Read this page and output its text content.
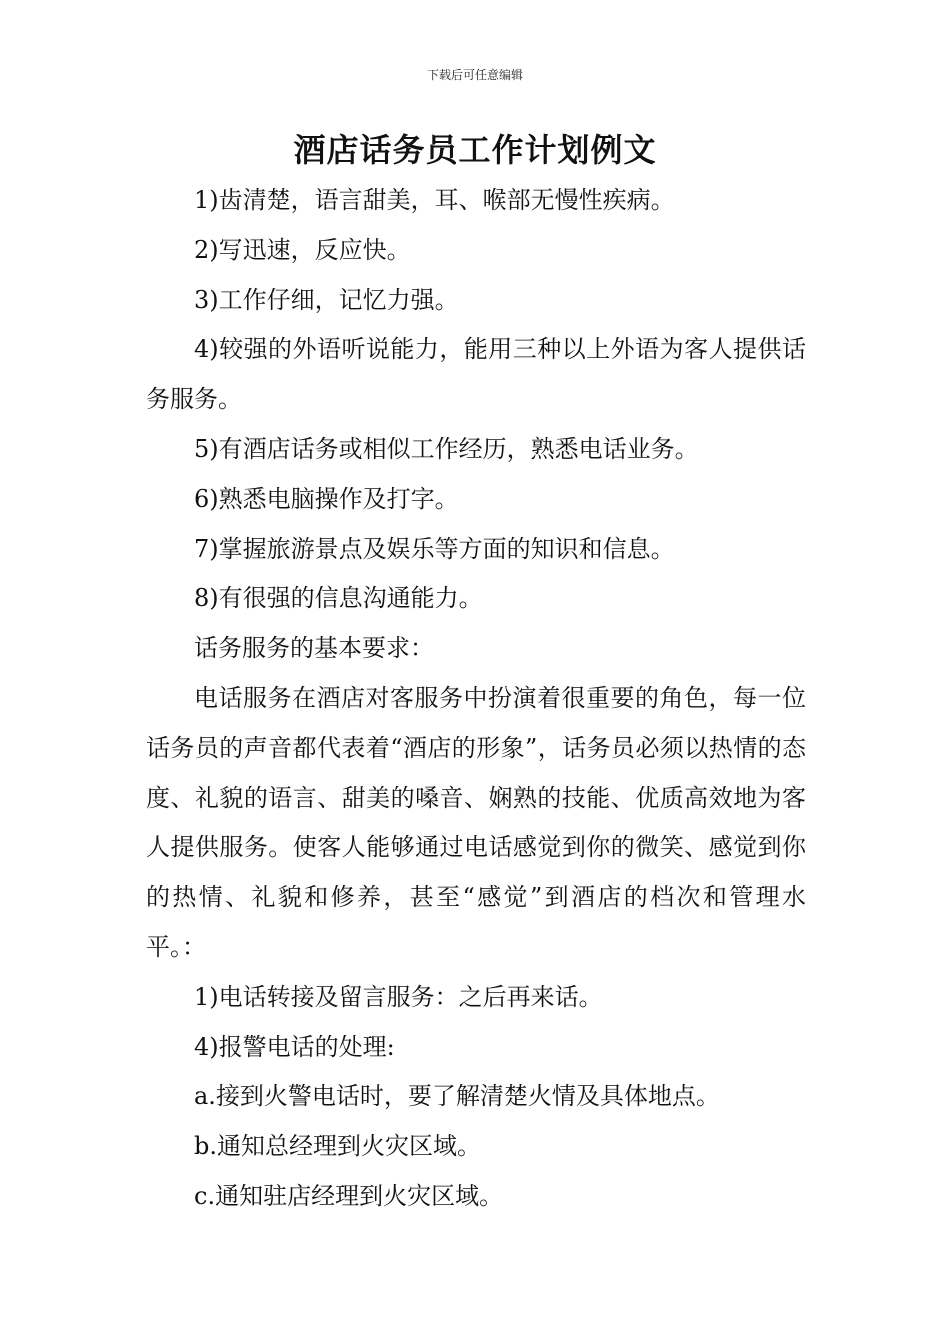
下载后可任意编辑
酒店话务员工作计划例文

1)齿清楚，语言甜美，耳、喉部无慢性疾病。

2)写迅速，反应快。

3)工作仔细，记忆力强。

4)较强的外语听说能力，能用三种以上外语为客人提供话务服务。

5)有酒店话务或相似工作经历，熟悉电话业务。

6)熟悉电脑操作及打字。

7)掌握旅游景点及娱乐等方面的知识和信息。

8)有很强的信息沟通能力。

话务服务的基本要求：

电话服务在酒店对客服务中扮演着很重要的角色，每一位话务员的声音都代表着“酒店的形象”，话务员必须以热情的态度、礼貌的语言、甜美的嗓音、娴熟的技能、优质高效地为客人提供服务。使客人能够通过电话感觉到你的微笑、感觉到你的热情、礼貌和修养，甚至“感觉”到酒店的档次和管理水平。：

1)电话转接及留言服务：之后再来话。

4)报警电话的处理:

a.接到火警电话时，要了解清楚火情及具体地点。

b.通知总经理到火灾区域。

c.通知驻店经理到火灾区域。
